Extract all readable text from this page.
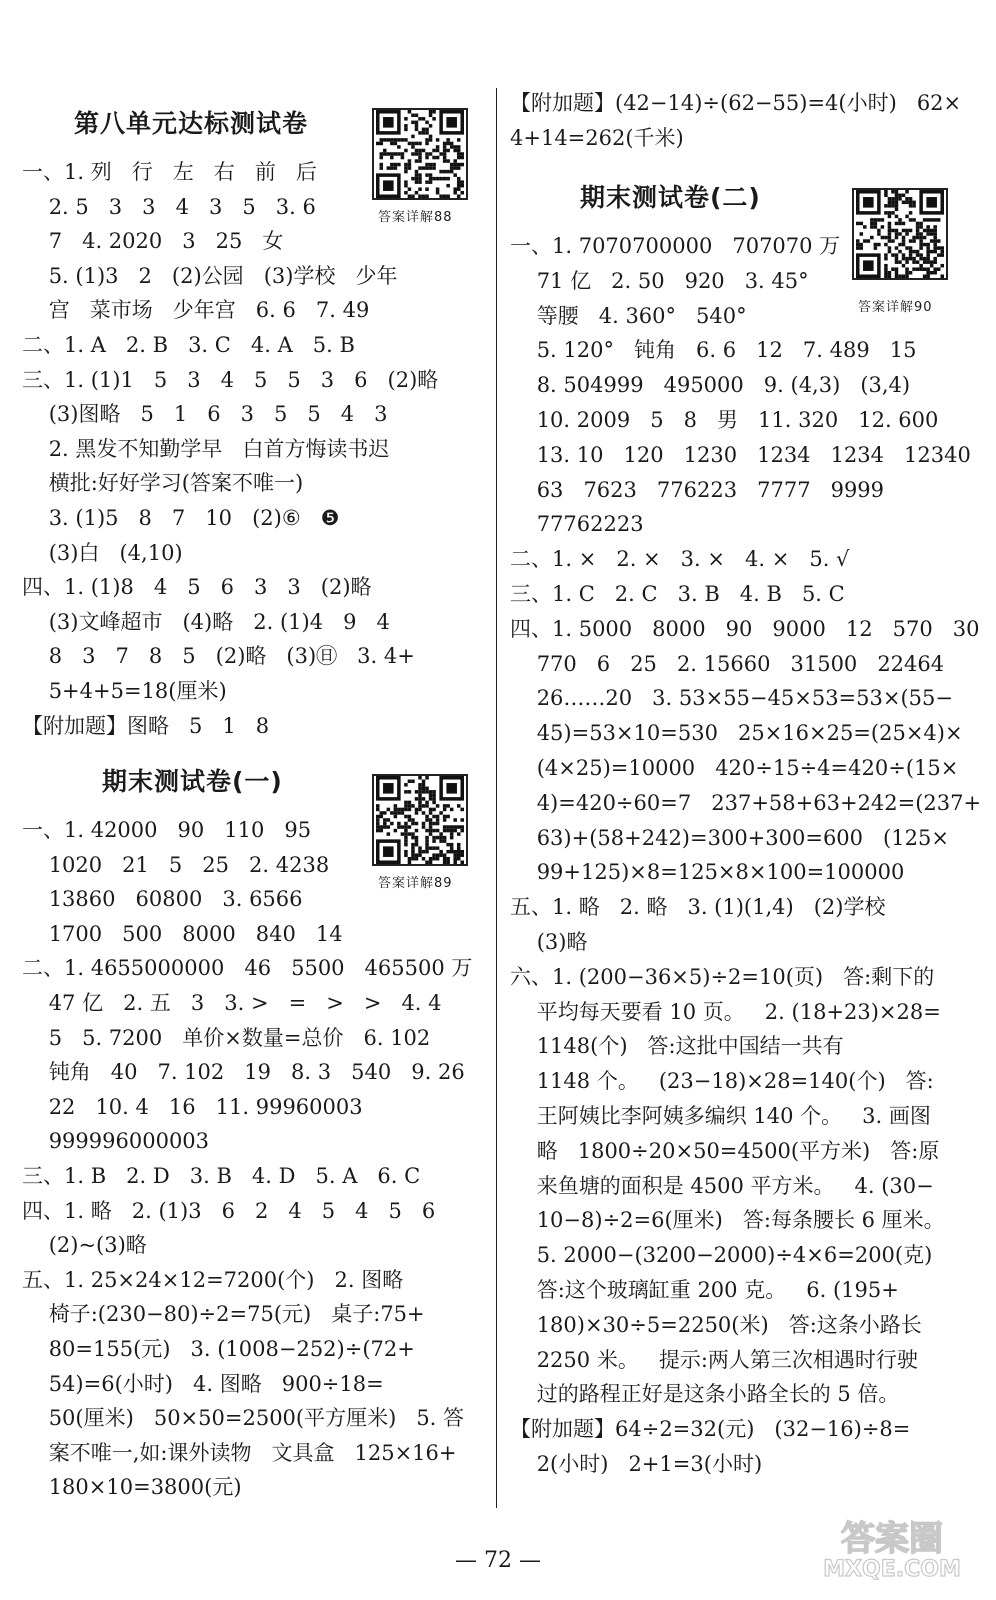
第八单元达标测试卷
答案详解88
一、1. 列   行   左   右   前   后
2. 5   3   3   4   3   5   3. 6
7   4. 2020   3   25   女
5. (1)3   2   (2)公园   (3)学校   少年
宫   菜市场   少年宫   6. 6   7. 49
二、1. A   2. B   3. C   4. A   5. B
三、1. (1)1   5   3   4   5   5   3   6   (2)略
(3)图略   5   1   6   3   5   5   4   3
2. 黑发不知勤学早   白首方悔读书迟
横批:好好学习(答案不唯一)
3. (1)5   8   7   10   (2)⑥   ❺
(3)白   (4,10)
四、1. (1)8   4   5   6   3   3   (2)略
(3)文峰超市   (4)略   2. (1)4   9   4
8   3   7   8   5   (2)略   (3)㊐   3. 4+
5+4+5=18(厘米)
【附加题】图略   5   1   8
期末测试卷(一)
答案详解89
一、1. 42000   90   110   95
1020   21   5   25   2. 4238
13860   60800   3. 6566
1700   500   8000   840   14
二、1. 4655000000   46   5500   465500 万
47 亿   2. 五   3   3. >   =   >   >   4. 4
5   5. 7200   单价×数量=总价   6. 102
钝角   40   7. 102   19   8. 3   540   9. 26
22   10. 4   16   11. 99960003
999996000003
三、1. B   2. D   3. B   4. D   5. A   6. C
四、1. 略   2. (1)3   6   2   4   5   4   5   6
(2)~(3)略
五、1. 25×24×12=7200(个)   2. 图略
椅子:(230−80)÷2=75(元)   桌子:75+
80=155(元)   3. (1008−252)÷(72+
54)=6(小时)   4. 图略   900÷18=
50(厘米)   50×50=2500(平方厘米)   5. 答
案不唯一,如:课外读物   文具盒   125×16+
180×10=3800(元)
【附加题】(42−14)÷(62−55)=4(小时)   62×
4+14=262(千米)
期末测试卷(二)
答案详解90
一、1. 7070700000   707070 万
71 亿   2. 50   920   3. 45°
等腰   4. 360°   540°
5. 120°   钝角   6. 6   12   7. 489   15
8. 504999   495000   9. (4,3)   (3,4)
10. 2009   5   8   男   11. 320   12. 600
13. 10   120   1230   1234   1234   12340
63   7623   776223   7777   9999
77762223
二、1. ×   2. ×   3. ×   4. ×   5. √
三、1. C   2. C   3. B   4. B   5. C
四、1. 5000   8000   90   9000   12   570   30
770   6   25   2. 15660   31500   22464
26……20   3. 53×55−45×53=53×(55−
45)=53×10=530   25×16×25=(25×4)×
(4×25)=10000   420÷15÷4=420÷(15×
4)=420÷60=7   237+58+63+242=(237+
63)+(58+242)=300+300=600   (125×
99+125)×8=125×8×100=100000
五、1. 略   2. 略   3. (1)(1,4)   (2)学校
(3)略
六、1. (200−36×5)÷2=10(页)   答:剩下的
平均每天要看 10 页。   2. (18+23)×28=
1148(个)   答:这批中国结一共有
1148 个。   (23−18)×28=140(个)   答:
王阿姨比李阿姨多编织 140 个。   3. 画图
略   1800÷20×50=4500(平方米)   答:原
来鱼塘的面积是 4500 平方米。   4. (30−
10−8)÷2=6(厘米)   答:每条腰长 6 厘米。
5. 2000−(3200−2000)÷4×6=200(克)
答:这个玻璃缸重 200 克。   6. (195+
180)×30÷5=2250(米)   答:这条小路长
2250 米。   提示:两人第三次相遇时行驶
过的路程正好是这条小路全长的 5 倍。
【附加题】64÷2=32(元)   (32−16)÷8=
2(小时)   2+1=3(小时)
— 72 —
答案圈
MXQE.COM
